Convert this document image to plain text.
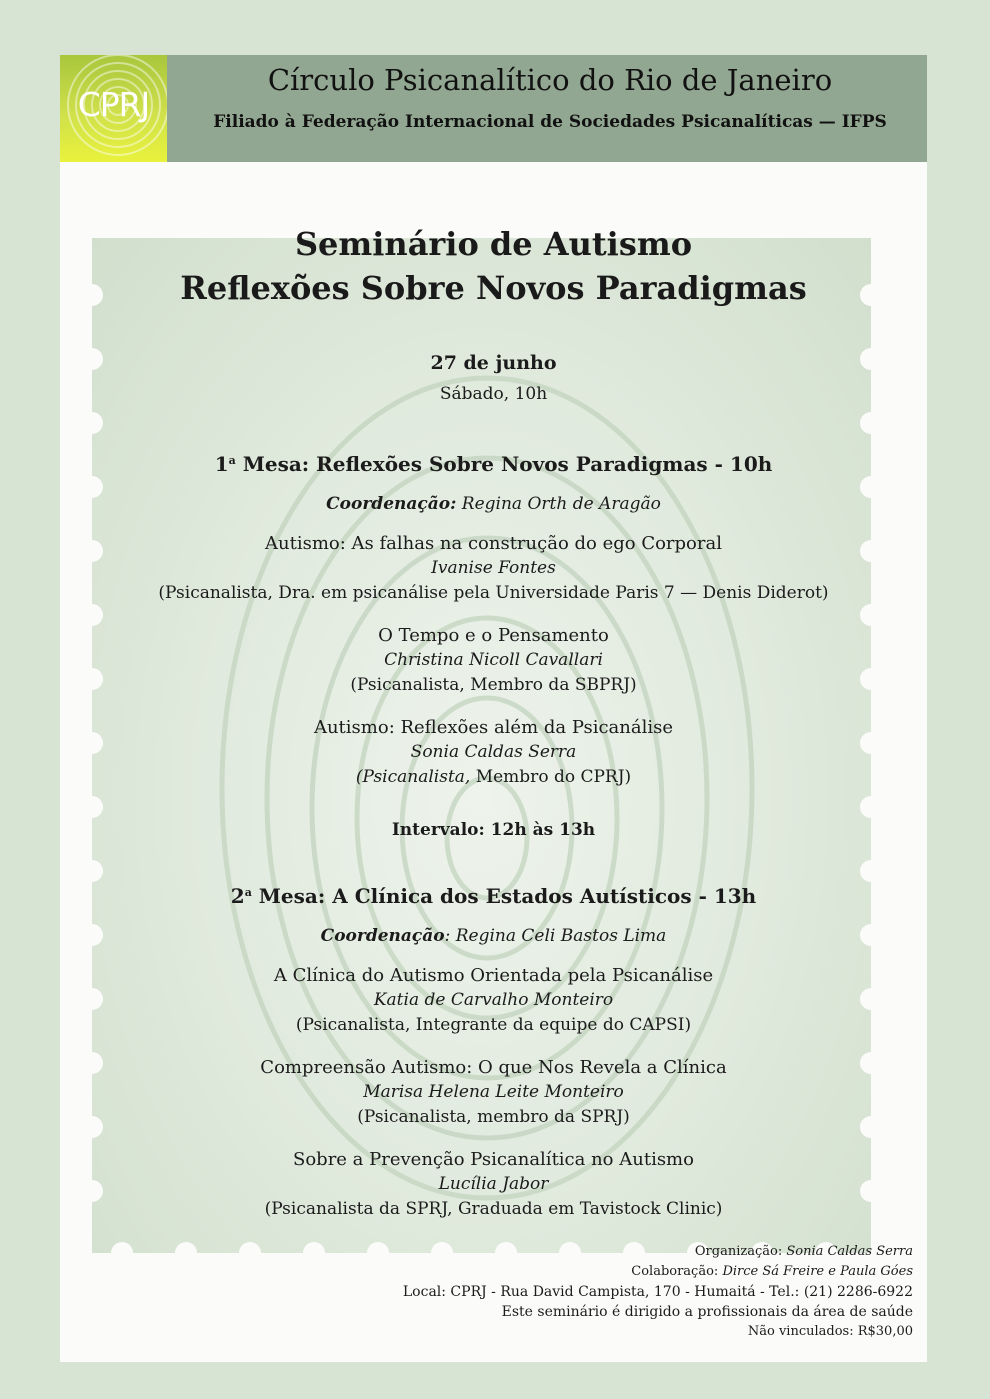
CPRJ
Círculo Psicanalítico do Rio de Janeiro
Filiado à Federação Internacional de Sociedades Psicanalíticas — IFPS
Seminário de Autismo
Reflexões Sobre Novos Paradigmas
27 de junho
Sábado, 10h
1$^a$ Mesa: Reflexões Sobre Novos Paradigmas - 10h
Coordenação: Regina Orth de Aragão
Autismo: As falhas na construção do ego Corporal
Ivanise Fontes
(Psicanalista, Dra. em psicanálise pela Universidade Paris 7 — Denis Diderot)
O Tempo e o Pensamento
Christina Nicoll Cavallari
(Psicanalista, Membro da SBPRJ)
Autismo: Reflexões além da Psicanálise
Sonia Caldas Serra
(Psicanalista, Membro do CPRJ)
Intervalo: 12h às 13h
2$^a$ Mesa: A Clínica dos Estados Autísticos - 13h
Coordenação: Regina Celi Bastos Lima
A Clínica do Autismo Orientada pela Psicanálise
Katia de Carvalho Monteiro
(Psicanalista, Integrante da equipe do CAPSI)
Compreensão Autismo: O que Nos Revela a Clínica
Marisa Helena Leite Monteiro
(Psicanalista, membro da SPRJ)
Sobre a Prevenção Psicanalítica no Autismo
Lucília Jabor
(Psicanalista da SPRJ, Graduada em Tavistock Clinic)
Organização: Sonia Caldas Serra
Colaboração: Dirce Sá Freire e Paula Góes
Local: CPRJ - Rua David Campista, 170 - Humaitá - Tel.: (21) 2286-6922
Este seminário é dirigido a profissionais da área de saúde
Não vinculados: R$30,00
